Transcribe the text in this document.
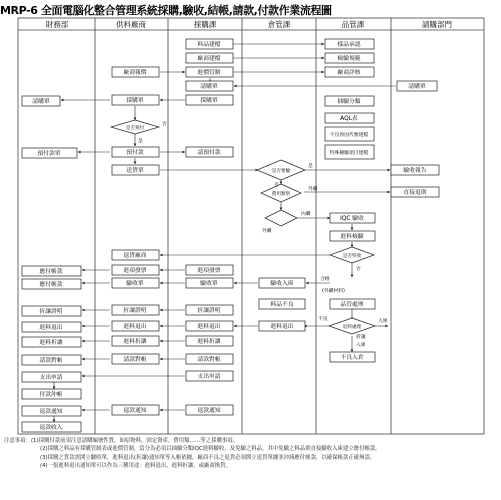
MRP-6 全面電腦化整合管理系統採購,驗收,結帳,請款,付款作業流程圖
財務部	供料廠商	採購課	倉管課	品管課	請購部門
請購單
預付款單
應付帳款
應付帳款
折讓證明
進料退出
進料折讓
請款對帳
支出申請
付款沖帳
退款通知
退款收入
廠商報價
採購單
預付款
送貨單
退貨廠商
進項發票
驗收單
折讓證明
進料退出
進料折讓
請款對帳
退款通知
料品建檔
廠商建檔
進價管制
請購單
採購單
請預付款
進項發票
驗收單
折讓證明
進料退出
進料折讓
請款對帳
支出申請
退款通知
驗收入庫
料品不良
進料退出
樣品承認
檢驗規範
廠商評核
抽驗分類
AQL表
不良原因代號建檔
特殊檢驗項目建檔
IQC 驗收
進料檢驗
品管處理
不良入倉
請購單
驗收報告
直接退則
是否預付
是否要驗
費用類別
是否特收
退料處理
否
是
否
是
否
外購
內購
外購
合格
(外購材料)
入庫
不良
入庫
折讓
注意事項：(1)採購付款前須注意請購編號性質，如原物料，固定資產，費用類……等之採購事項。
(2)採購之料品有採購管制表或進價管制，當分為必須以抽驗分類IQC進料驗收，及免驗之料品，其中免驗之料品則直接驗收入庫建立應付帳款。
(3)採購之貨款需開立驗收單，進料退出(折讓)通知單等入帳依據，廠商不良之退貨必須開立退貨單據並沖減應付帳款，以確保帳款正確無誤。
(4)一張進料退出通知單可以作為三種用途：進料退出，進料折讓，或廠商換貨。
